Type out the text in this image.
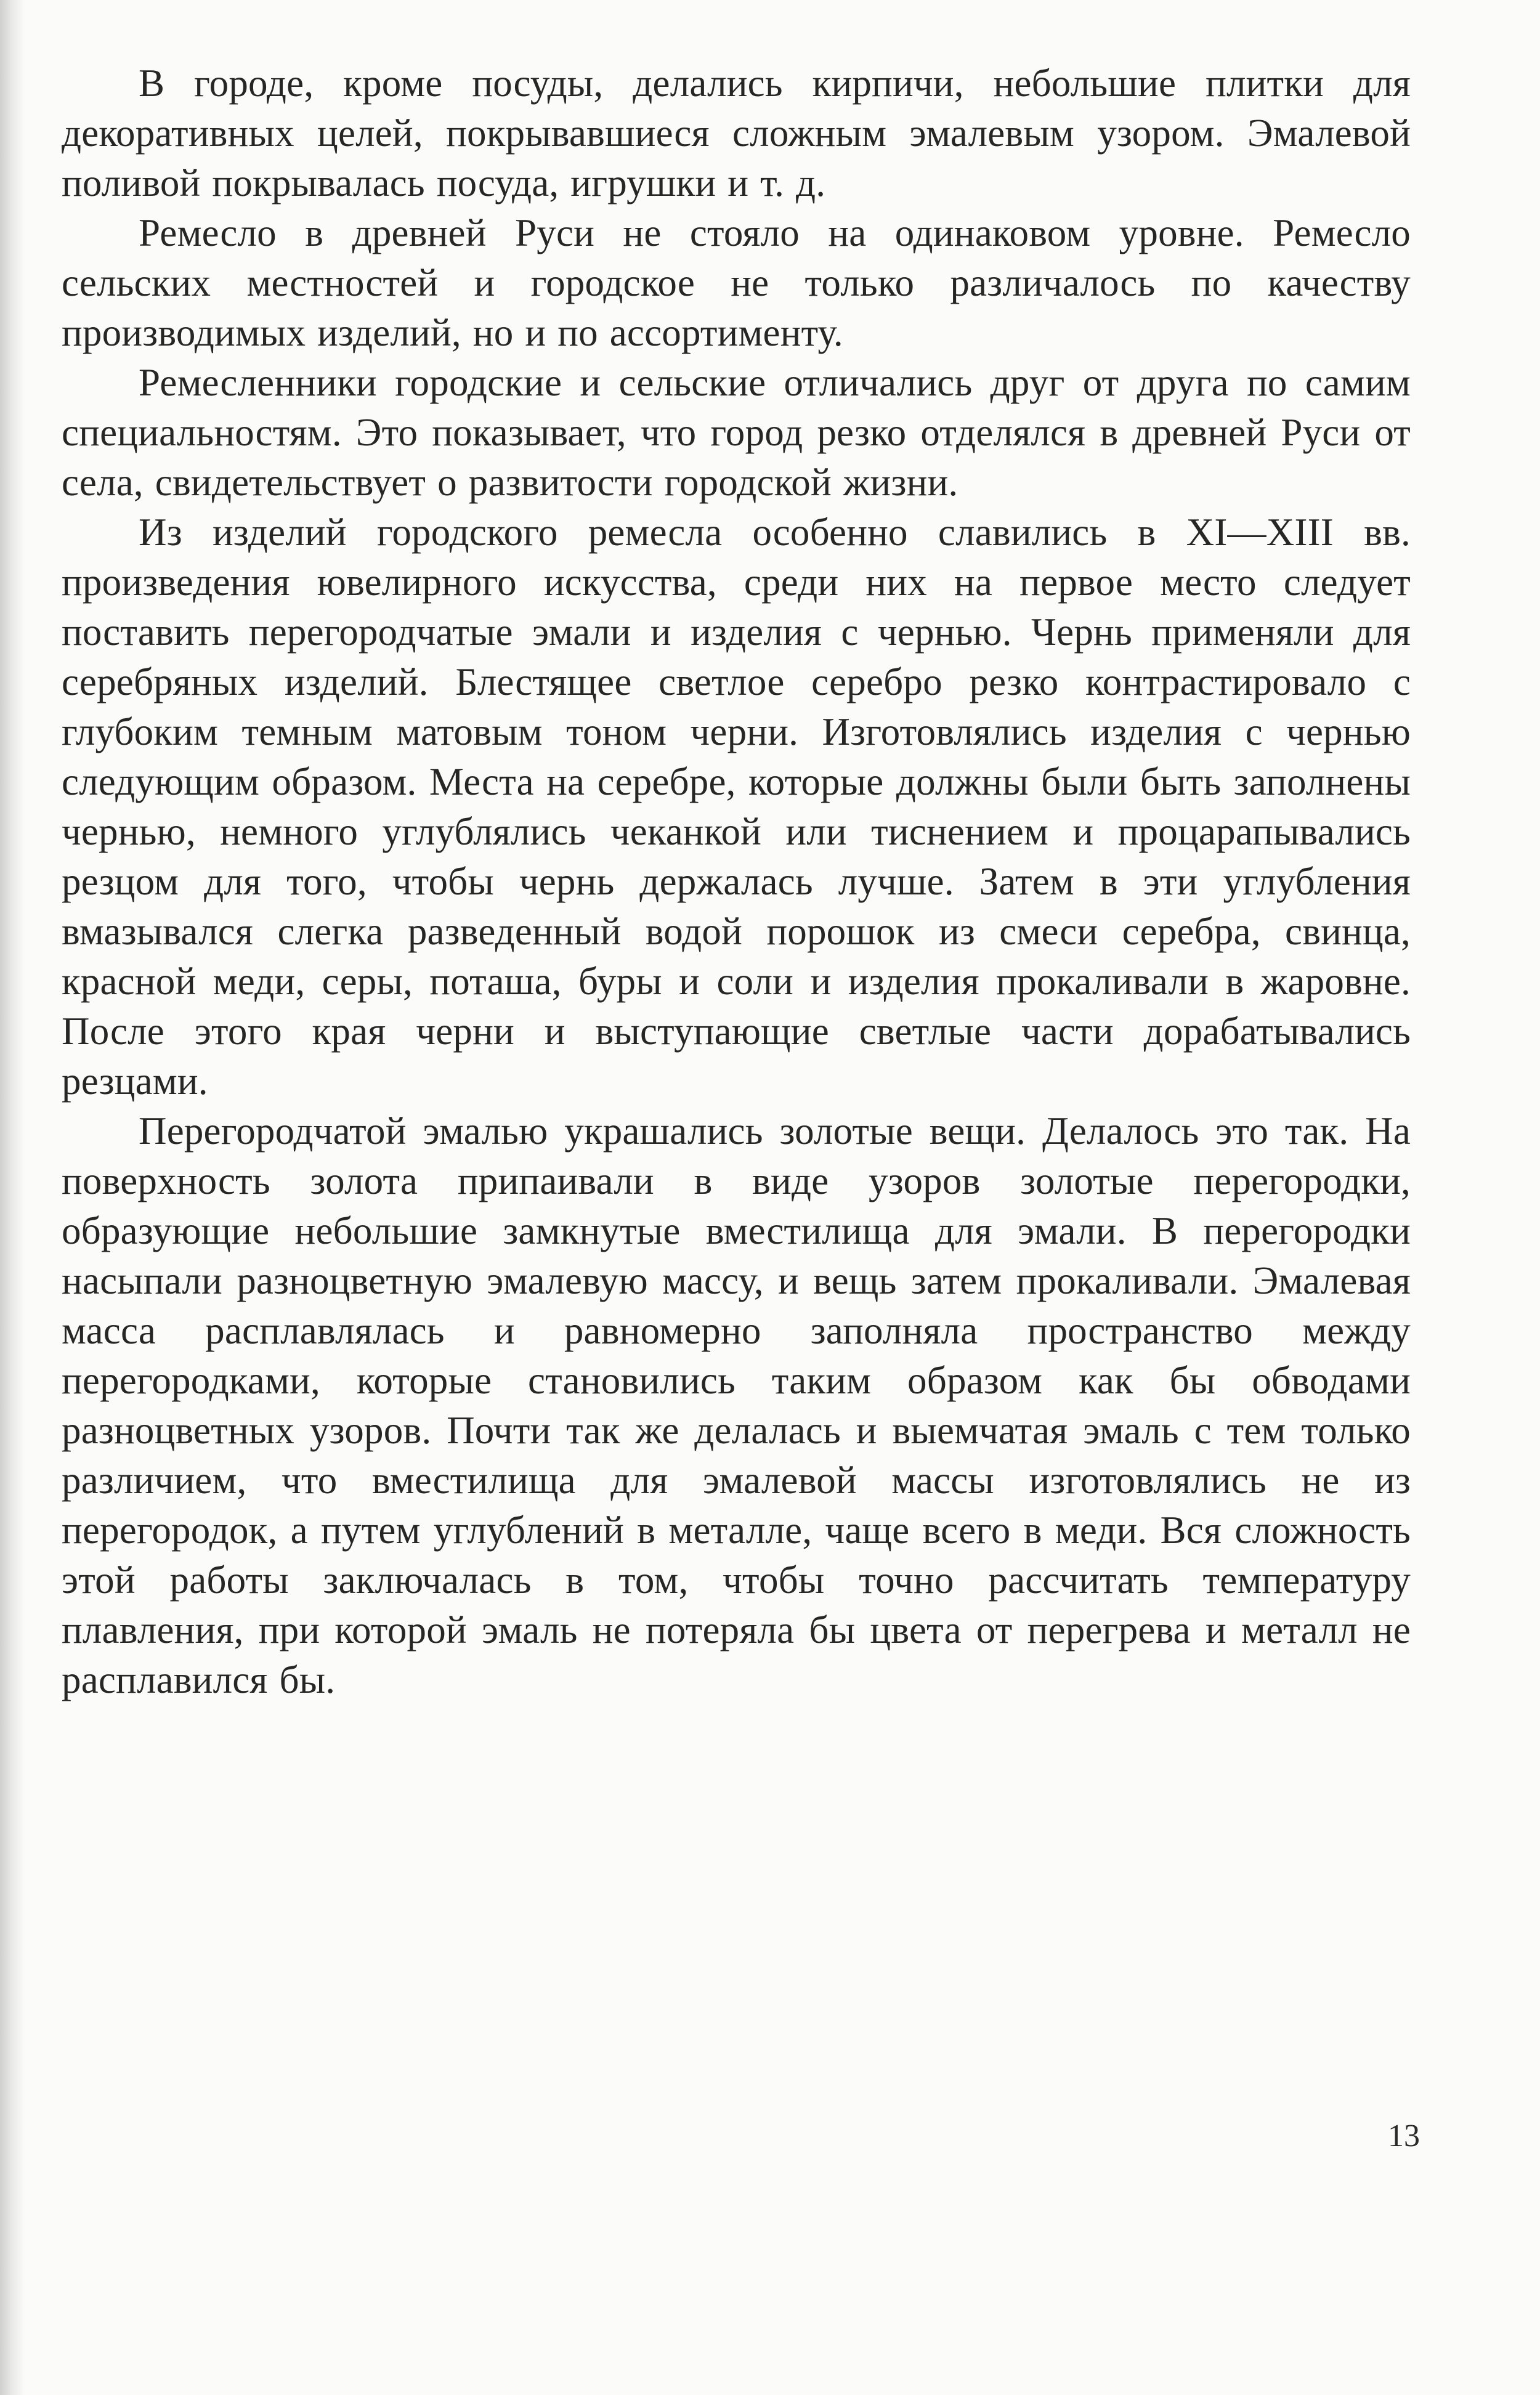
В городе, кроме посуды, делались кирпичи, небольшие плитки для декоративных целей, покрывавшиеся сложным эмалевым узором. Эмалевой поливой покрывалась посуда, игрушки и т. д.

Ремесло в древней Руси не стояло на одинаковом уровне. Ремесло сельских местностей и городское не только различалось по качеству производимых изделий, но и по ассортименту.

Ремесленники городские и сельские отличались друг от друга по самим специальностям. Это показывает, что город резко отделялся в древней Руси от села, свидетельствует о развитости городской жизни.

Из изделий городского ремесла особенно славились в XI—XIII вв. произведения ювелирного искусства, среди них на первое место следует поставить перегородчатые эмали и изделия с чернью. Чернь применяли для серебряных изделий. Блестящее светлое серебро резко контрастировало с глубоким темным матовым тоном черни. Изготовлялись изделия с чернью следующим образом. Места на серебре, которые должны были быть заполнены чернью, немного углублялись чеканкой или тиснением и процарапывались резцом для того, чтобы чернь держалась лучше. Затем в эти углубления вмазывался слегка разведенный водой порошок из смеси серебра, свинца, красной меди, серы, поташа, буры и соли и изделия прокаливали в жаровне. После этого края черни и выступающие светлые части дорабатывались резцами.

Перегородчатой эмалью украшались золотые вещи. Делалось это так. На поверхность золота припаивали в виде узоров золотые перегородки, образующие небольшие замкнутые вместилища для эмали. В перегородки насыпали разноцветную эмалевую массу, и вещь затем прокаливали. Эмалевая масса расплавлялась и равномерно заполняла пространство между перегородками, которые становились таким образом как бы обводами разноцветных узоров. Почти так же делалась и выемчатая эмаль с тем только различием, что вместилища для эмалевой массы изготовлялись не из перегородок, а путем углублений в металле, чаще всего в меди. Вся сложность этой работы заключалась в том, чтобы точно рассчитать температуру плавления, при которой эмаль не потеряла бы цвета от перегрева и металл не расплавился бы.

13
